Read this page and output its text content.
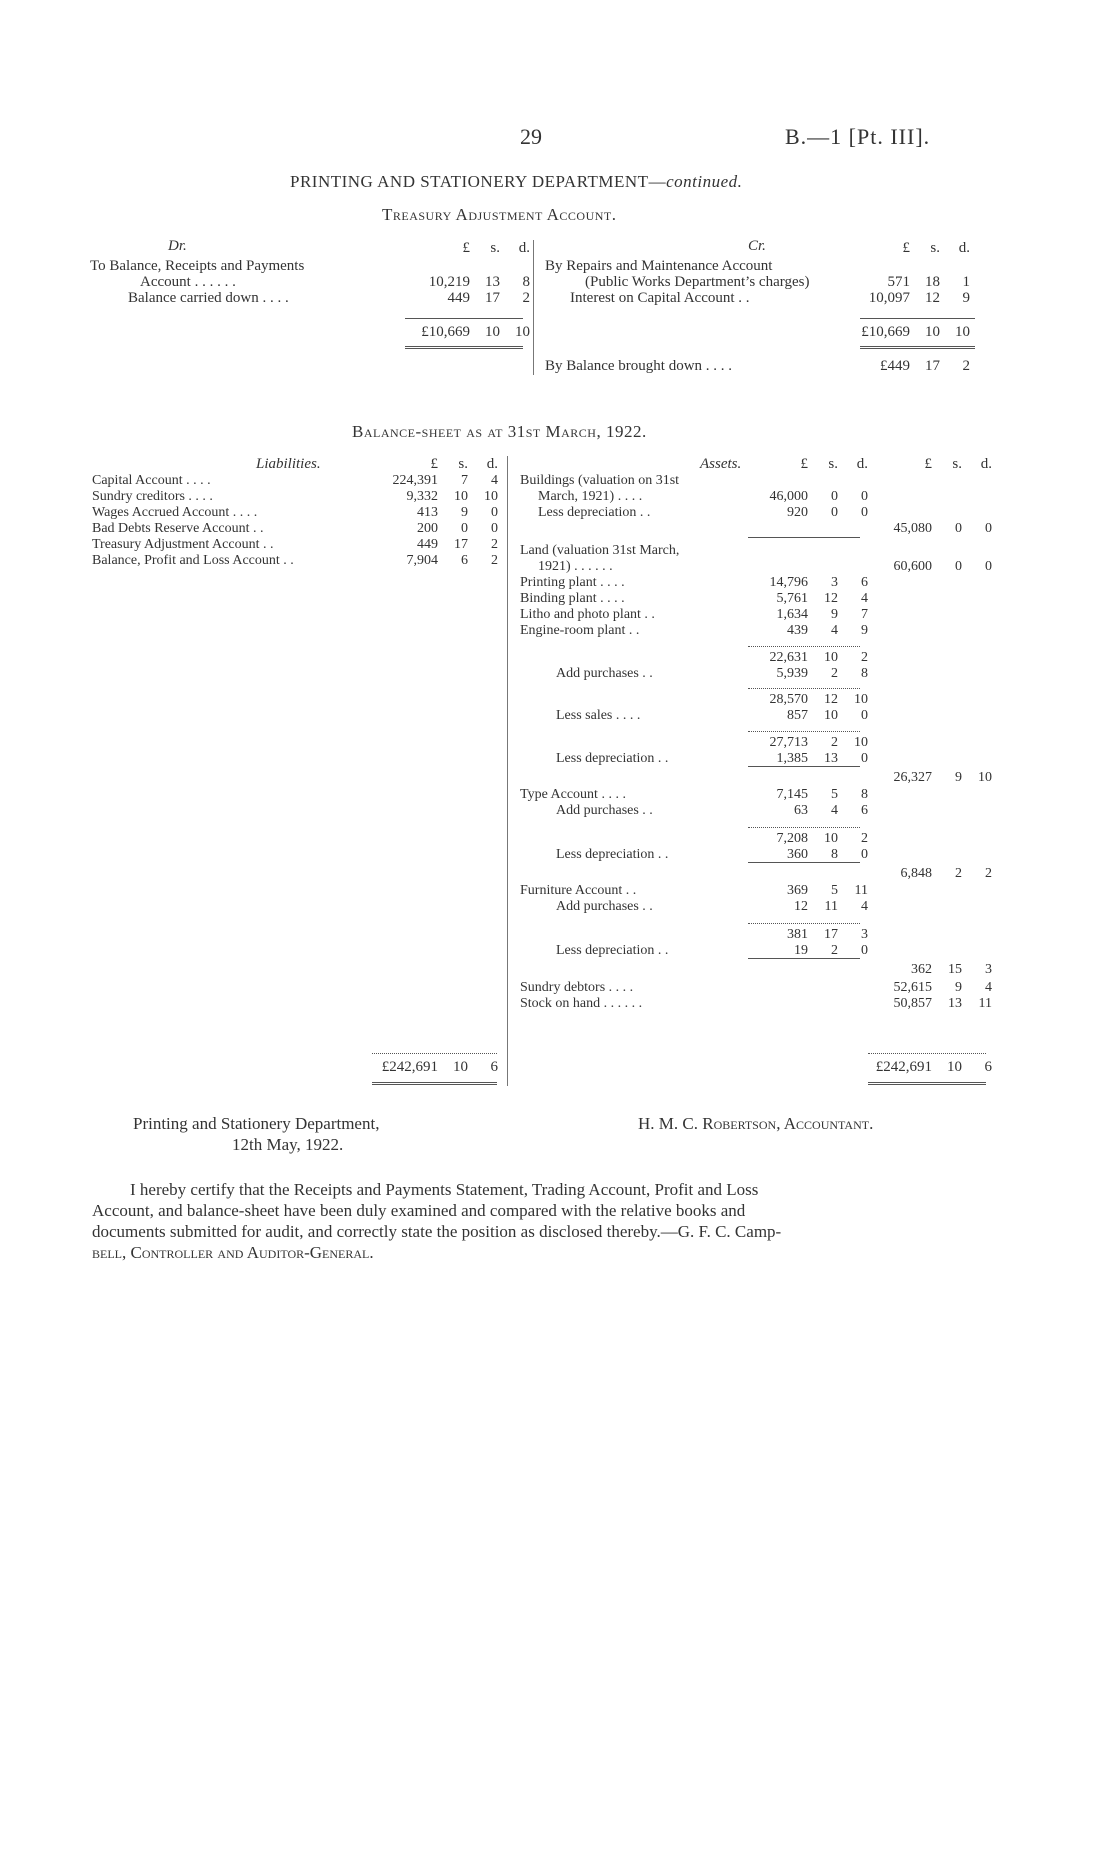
29	B.—1 [Pt. III].
PRINTING AND STATIONERY DEPARTMENT—continued.
Treasury Adjustment Account.
Dr.	Cr.
£	s.	d.	£	s.	d.
To Balance, Receipts and Payments
Account . . . . . .	10,219	13	8
Balance carried down . . . .	449	17	2
£10,669	10	10
By Repairs and Maintenance Account
(Public Works Department’s charges)	571	18	1
Interest on Capital Account . .	10,097	12	9
£10,669	10	10
By Balance brought down . . . .	£449	17	2
Balance-sheet as at 31st March, 1922.
Liabilities.	£	s.	d.
Capital Account . . . .	224,391	7	4
Sundry creditors . . . .	9,332	10	10
Wages Accrued Account . . . .	413	9	0
Bad Debts Reserve Account . .	200	0	0
Treasury Adjustment Account . .	449	17	2
Balance, Profit and Loss Account . .	7,904	6	2
£242,691	10	6
Assets.	£	s.	d.	£	s.	d.
Buildings (valuation on 31st
March, 1921) . . . .	46,000	0	0
Less depreciation . .	920	0	0
45,080	0	0
Land (valuation 31st March,
1921) . . . . . .	60,600	0	0
Printing plant . . . .	14,796	3	6
Binding plant . . . .	5,761	12	4
Litho and photo plant . .	1,634	9	7
Engine-room plant . .	439	4	9
22,631	10	2
Add purchases . .	5,939	2	8
28,570	12	10
Less sales . . . .	857	10	0
27,713	2	10
Less depreciation . .	1,385	13	0
26,327	9	10
Type Account . . . .	7,145	5	8
Add purchases . .	63	4	6
7,208	10	2
Less depreciation . .	360	8	0
6,848	2	2
Furniture Account . .	369	5	11
Add purchases . .	12	11	4
381	17	3
Less depreciation . .	19	2	0
362	15	3
Sundry debtors . . . .	52,615	9	4
Stock on hand . . . . . .	50,857	13	11
£242,691	10	6
Printing and Stationery Department,
12th May, 1922.
H. M. C. Robertson, Accountant.
I hereby certify that the Receipts and Payments Statement, Trading Account, Profit and Loss
Account, and balance-sheet have been duly examined and compared with the relative books and
documents submitted for audit, and correctly state the position as disclosed thereby.—G. F. C. Camp-
bell, Controller and Auditor-General.
